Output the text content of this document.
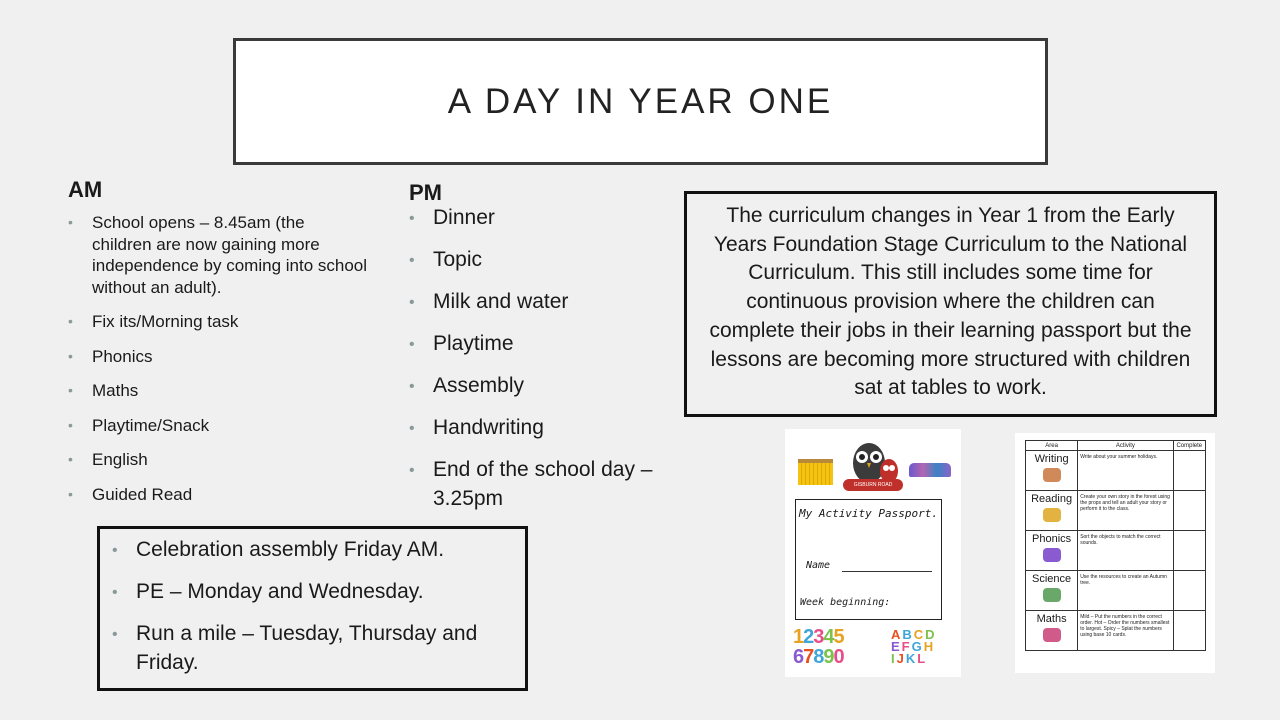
A DAY IN YEAR ONE
AM
• School opens – 8.45am (the children are now gaining more independence by coming into school without an adult).
• Fix its/Morning task
• Phonics
• Maths
• Playtime/Snack
• English
• Guided Read
PM
• Dinner
• Topic
• Milk and water
• Playtime
• Assembly
• Handwriting
• End of the school day – 3.25pm

The curriculum changes in Year 1 from the Early Years Foundation Stage Curriculum to the National Curriculum. This still includes some time for continuous provision where the children can complete their jobs in their learning passport but the lessons are becoming more structured with children sat at tables to work.

• Celebration assembly Friday AM.
• PE – Monday and Wednesday.
• Run a mile – Tuesday, Thursday and Friday.
GISBURN ROAD
My Activity Passport.
Name
Week beginning:
12345
67890
ABCD
EFGH
IJKL
Area	Activity	Complete

Writing	Write about your summer holidays.	

Reading	Create your own story in the forest using the props and tell an adult your story or perform it to the class.	

Phonics	Sort the objects to match the correct sounds.	

Science	Use the resources to create an Autumn tree.	

Maths	Mild – Put the numbers in the correct order. Hot – Order the numbers smallest to largest. Spicy – Splat the numbers using base 10 cards.	
